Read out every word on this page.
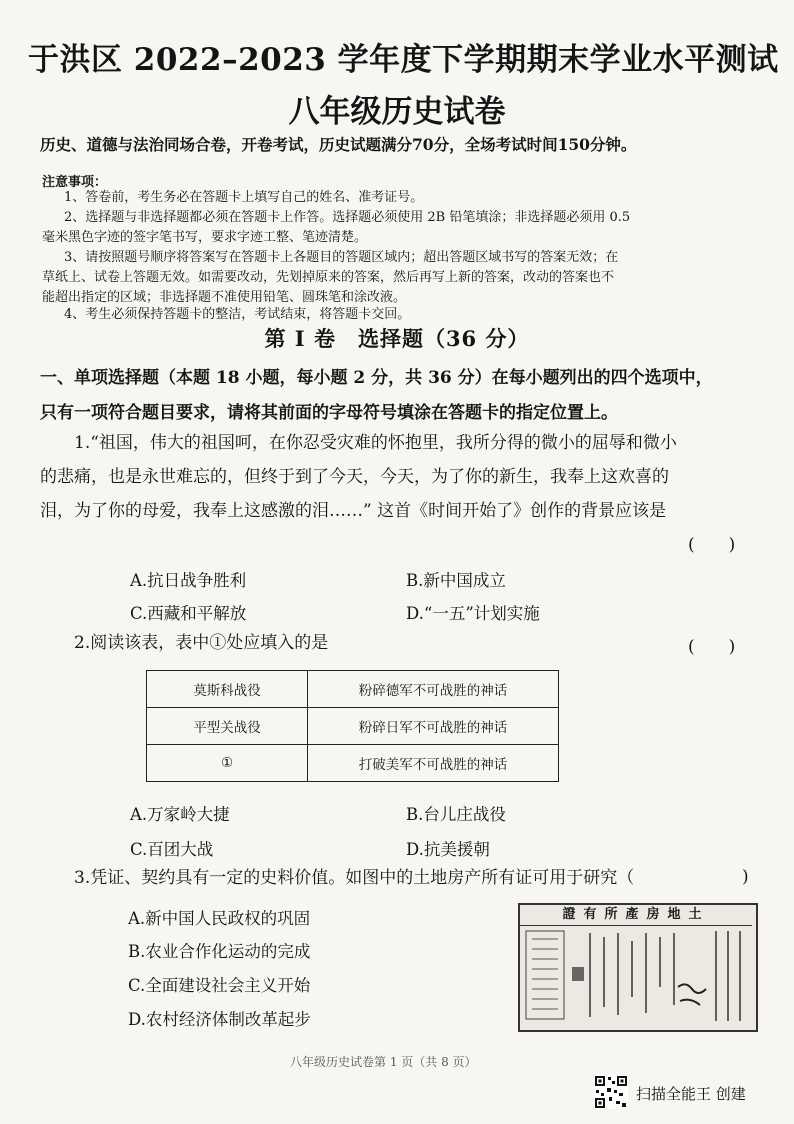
于洪区 2022–2023 学年度下学期期末学业水平测试
八年级历史试卷
历史、道德与法治同场合卷，开卷考试，历史试题满分70分，全场考试时间150分钟。
注意事项：
1、答卷前，考生务必在答题卡上填写自己的姓名、准考证号。
2、选择题与非选择题都必须在答题卡上作答。选择题必须使用 2B 铅笔填涂；非选择题必须用 0.5
毫米黑色字迹的签字笔书写，要求字迹工整、笔迹清楚。
3、请按照题号顺序将答案写在答题卡上各题目的答题区域内；超出答题区域书写的答案无效；在
草纸上、试卷上答题无效。如需要改动，先划掉原来的答案，然后再写上新的答案，改动的答案也不
能超出指定的区域；非选择题不准使用铅笔、圆珠笔和涂改液。
4、考生必须保持答题卡的整洁，考试结束，将答题卡交回。
第 I 卷　选择题（36 分）
一、单项选择题（本题 18 小题，每小题 2 分，共 36 分）在每小题列出的四个选项中，
只有一项符合题目要求，请将其前面的字母符号填涂在答题卡的指定位置上。
1.“祖国，伟大的祖国呵，在你忍受灾难的怀抱里，我所分得的微小的屈辱和微小
的悲痛，也是永世难忘的，但终于到了今天，今天，为了你的新生，我奉上这欢喜的
泪，为了你的母爱，我奉上这感激的泪……” 这首《时间开始了》创作的背景应该是
(　　)
A.抗日战争胜利	B.新中国成立
C.西藏和平解放	D.“一五”计划实施
2.阅读该表，表中①处应填入的是	(　　)
莫斯科战役	粉碎德军不可战胜的神话
平型关战役	粉碎日军不可战胜的神话
①	打破美军不可战胜的神话
A.万家岭大捷	B.台儿庄战役
C.百团大战	D.抗美援朝
3.凭证、契约具有一定的史料价值。如图中的土地房产所有证可用于研究（	)
A.新中国人民政权的巩固
B.农业合作化运动的完成
C.全面建设社会主义开始
D.农村经济体制改革起步
證有所產房地土
八年级历史试卷第 1 页（共 8 页）
扫描全能王 创建
